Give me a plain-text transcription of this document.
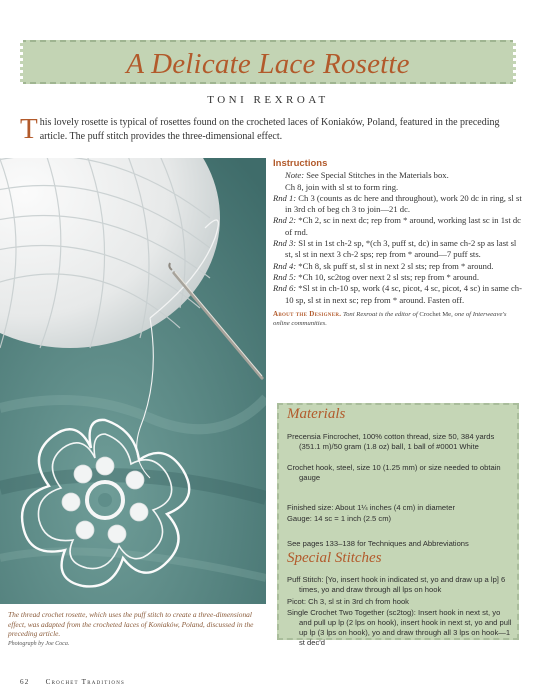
A Delicate Lace Rosette
TONI REXROAT
This lovely rosette is typical of rosettes found on the crocheted laces of Koniaków, Poland, featured in the preceding article. The puff stitch provides the three-dimensional effect.
The thread crochet rosette, which uses the puff stitch to create a three-dimensional effect, was adapted from the crocheted laces of Koniaków, Poland, discussed in the preceding article.
Photograph by Joe Coca.
Instructions
Note: See Special Stitches in the Materials box.
Ch 8, join with sl st to form ring.
Rnd 1: Ch 3 (counts as dc here and throughout), work 20 dc in ring, sl st in 3rd ch of beg ch 3 to join—21 dc.
Rnd 2: *Ch 2, sc in next dc; rep from * around, working last sc in 1st dc of rnd.
Rnd 3: Sl st in 1st ch-2 sp, *(ch 3, puff st, dc) in same ch-2 sp as last sl st, sl st in next 3 ch-2 sps; rep from * around—7 puff sts.
Rnd 4: *Ch 8, sk puff st, sl st in next 2 sl sts; rep from * around.
Rnd 5: *Ch 10, sc2tog over next 2 sl sts; rep from * around.
Rnd 6: *Sl st in ch-10 sp, work (4 sc, picot, 4 sc, picot, 4 sc) in same ch-10 sp, sl st in next sc; rep from * around. Fasten off.
About the Designer. Toni Rexroat is the editor of Crochet Me, one of Interweave's online communities.
Materials
Precensia Fincrochet, 100% cotton thread, size 50, 384 yards (351.1 m)/50 gram (1.8 oz) ball, 1 ball of #0001 White
Crochet hook, steel, size 10 (1.25 mm) or size needed to obtain gauge
Finished size: About 1¼ inches (4 cm) in diameter
Gauge: 14 sc = 1 inch (2.5 cm)
See pages 133–138 for Techniques and Abbreviations
Special Stitches
Puff Stitch: [Yo, insert hook in indicated st, yo and draw up a lp] 6 times, yo and draw through all lps on hook
Picot: Ch 3, sl st in 3rd ch from hook
Single Crochet Two Together (sc2tog): Insert hook in next st, yo and pull up lp (2 lps on hook), insert hook in next st, yo and pull up lp (3 lps on hook), yo and draw through all 3 lps on hook—1 st dec'd
62 Crochet Traditions
